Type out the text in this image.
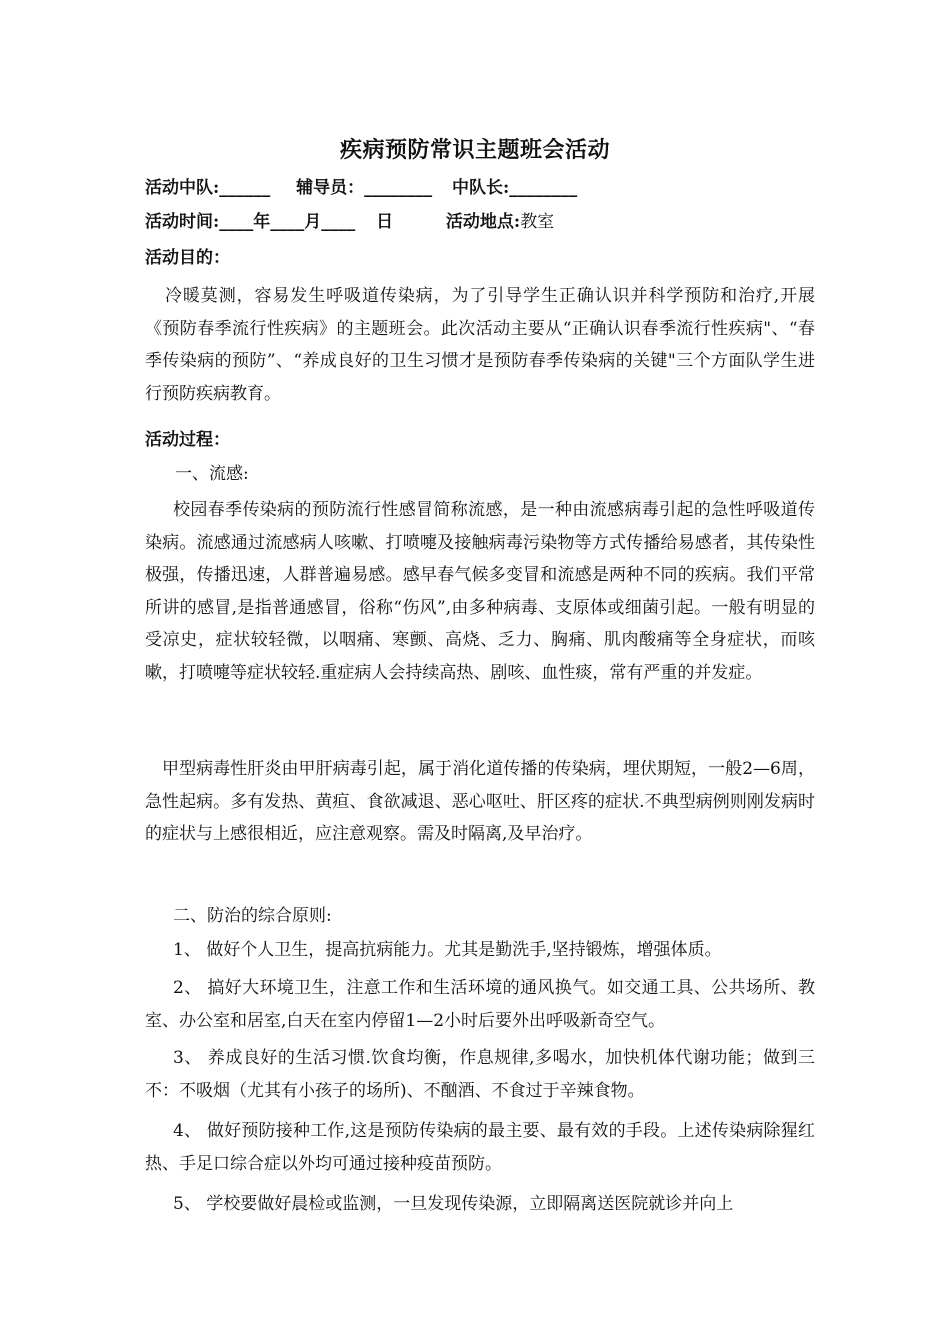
疾病预防常识主题班会活动
活动中队:______ 辅导员：________ 中队长:________
活动时间:____年____月____ 日	活动地点:教室
活动目的：
冷暖莫测，容易发生呼吸道传染病，为了引导学生正确认识并科学预防和治疗,开展《预防春季流行性疾病》的主题班会。此次活动主要从“正确认识春季流行性疾病"、“春季传染病的预防”、“养成良好的卫生习惯才是预防春季传染病的关键"三个方面队学生进行预防疾病教育。
活动过程：
一、流感:
校园春季传染病的预防流行性感冒简称流感，是一种由流感病毒引起的急性呼吸道传染病。流感通过流感病人咳嗽、打喷嚏及接触病毒污染物等方式传播给易感者，其传染性极强，传播迅速，人群普遍易感。感早春气候多变冒和流感是两种不同的疾病。我们平常所讲的感冒,是指普通感冒，俗称“伤风”,由多种病毒、支原体或细菌引起。一般有明显的受凉史，症状较轻微，以咽痛、寒颤、高烧、乏力、胸痛、肌肉酸痛等全身症状，而咳嗽，打喷嚏等症状较轻.重症病人会持续高热、剧咳、血性痰，常有严重的并发症。
甲型病毒性肝炎由甲肝病毒引起，属于消化道传播的传染病，埋伏期短，一般2—6周，急性起病。多有发热、黄疸、食欲减退、恶心呕吐、肝区疼的症状.不典型病例则刚发病时的症状与上感很相近，应注意观察。需及时隔离,及早治疗。
二、防治的综合原则:
1、 做好个人卫生，提高抗病能力。尤其是勤洗手,坚持锻炼，增强体质。
2、 搞好大环境卫生，注意工作和生活环境的通风换气。如交通工具、公共场所、教室、办公室和居室,白天在室内停留1—2小时后要外出呼吸新奇空气。
3、 养成良好的生活习惯.饮食均衡，作息规律,多喝水，加快机体代谢功能；做到三不：不吸烟（尤其有小孩子的场所)、不酗酒、不食过于辛辣食物。
4、 做好预防接种工作,这是预防传染病的最主要、最有效的手段。上述传染病除猩红热、手足口综合症以外均可通过接种疫苗预防。
5、 学校要做好晨检或监测，一旦发现传染源，立即隔离送医院就诊并向上
